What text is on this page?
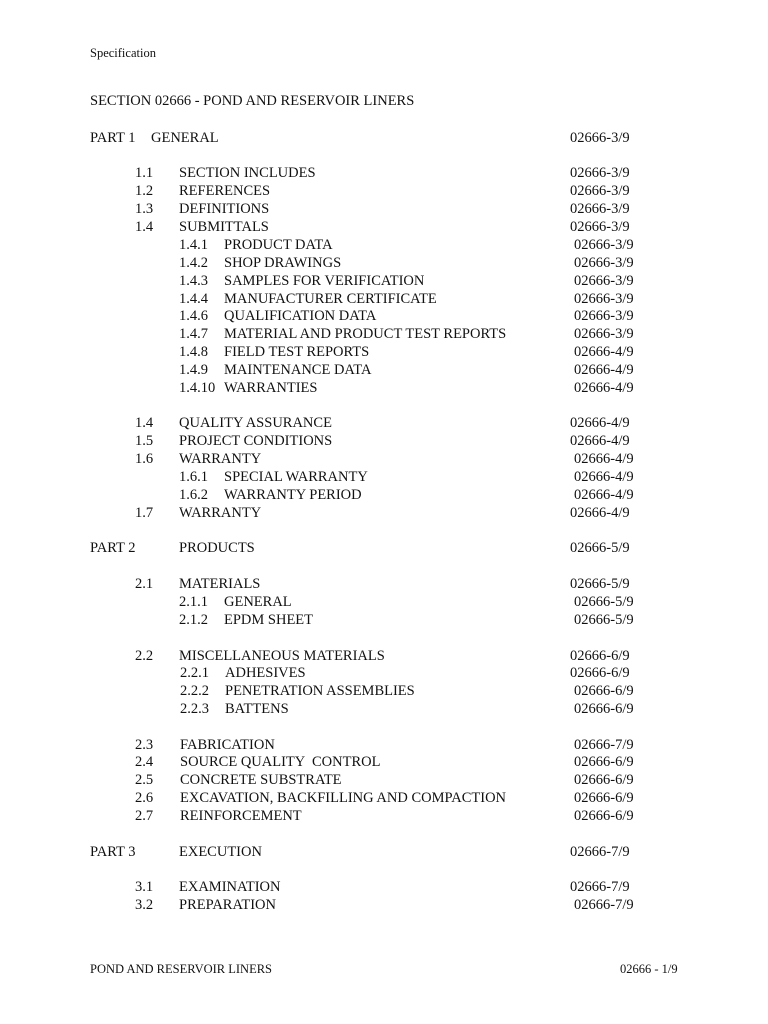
Specification
SECTION 02666 - POND AND RESERVOIR LINERS
PART 1 GENERAL	02666-3/9
1.1 SECTION INCLUDES	02666-3/9
1.2 REFERENCES	02666-3/9
1.3 DEFINITIONS	02666-3/9
1.4 SUBMITTALS	02666-3/9
1.4.1 PRODUCT DATA	02666-3/9
1.4.2 SHOP DRAWINGS	02666-3/9
1.4.3 SAMPLES FOR VERIFICATION	02666-3/9
1.4.4 MANUFACTURER CERTIFICATE	02666-3/9
1.4.6 QUALIFICATION DATA	02666-3/9
1.4.7 MATERIAL AND PRODUCT TEST REPORTS	02666-3/9
1.4.8 FIELD TEST REPORTS	02666-4/9
1.4.9 MAINTENANCE DATA	02666-4/9
1.4.10 WARRANTIES	02666-4/9
1.4 QUALITY ASSURANCE	02666-4/9
1.5 PROJECT CONDITIONS	02666-4/9
1.6 WARRANTY	02666-4/9
1.6.1 SPECIAL WARRANTY	02666-4/9
1.6.2 WARRANTY PERIOD	02666-4/9
1.7 WARRANTY	02666-4/9
PART 2	PRODUCTS	02666-5/9
2.1 MATERIALS	02666-5/9
2.1.1 GENERAL	02666-5/9
2.1.2 EPDM SHEET	02666-5/9
2.2 MISCELLANEOUS MATERIALS	02666-6/9
2.2.1 ADHESIVES	02666-6/9
2.2.2 PENETRATION ASSEMBLIES	02666-6/9
2.2.3 BATTENS	02666-6/9
2.3 FABRICATION	02666-7/9
2.4 SOURCE QUALITY  CONTROL	02666-6/9
2.5 CONCRETE SUBSTRATE	02666-6/9
2.6 EXCAVATION, BACKFILLING AND COMPACTION	02666-6/9
2.7 REINFORCEMENT	02666-6/9
PART 3	EXECUTION	02666-7/9
3.1 EXAMINATION	02666-7/9
3.2 PREPARATION	02666-7/9
POND AND RESERVOIR LINERS	02666 - 1/9
